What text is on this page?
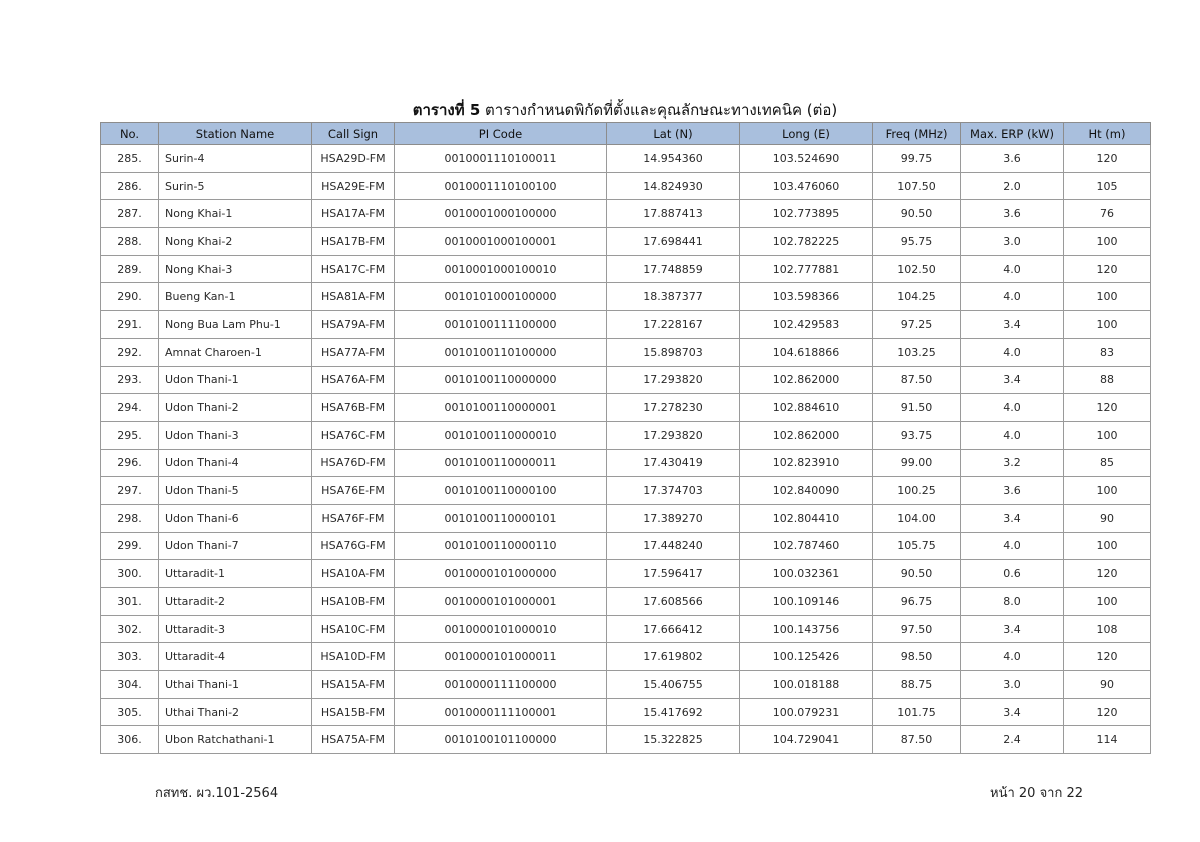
ตารางที่ 5 ตารางกำหนดพิกัดที่ตั้งและคุณลักษณะทางเทคนิค (ต่อ)
No.	Station Name	Call Sign	PI Code	Lat (N)	Long (E)	Freq (MHz)	Max. ERP (kW)	Ht (m)
285.	Surin-4	HSA29D-FM	0010001110100011	14.954360	103.524690	99.75	3.6	120
286.	Surin-5	HSA29E-FM	0010001110100100	14.824930	103.476060	107.50	2.0	105
287.	Nong Khai-1	HSA17A-FM	0010001000100000	17.887413	102.773895	90.50	3.6	76
288.	Nong Khai-2	HSA17B-FM	0010001000100001	17.698441	102.782225	95.75	3.0	100
289.	Nong Khai-3	HSA17C-FM	0010001000100010	17.748859	102.777881	102.50	4.0	120
290.	Bueng Kan-1	HSA81A-FM	0010101000100000	18.387377	103.598366	104.25	4.0	100
291.	Nong Bua Lam Phu-1	HSA79A-FM	0010100111100000	17.228167	102.429583	97.25	3.4	100
292.	Amnat Charoen-1	HSA77A-FM	0010100110100000	15.898703	104.618866	103.25	4.0	83
293.	Udon Thani-1	HSA76A-FM	0010100110000000	17.293820	102.862000	87.50	3.4	88
294.	Udon Thani-2	HSA76B-FM	0010100110000001	17.278230	102.884610	91.50	4.0	120
295.	Udon Thani-3	HSA76C-FM	0010100110000010	17.293820	102.862000	93.75	4.0	100
296.	Udon Thani-4	HSA76D-FM	0010100110000011	17.430419	102.823910	99.00	3.2	85
297.	Udon Thani-5	HSA76E-FM	0010100110000100	17.374703	102.840090	100.25	3.6	100
298.	Udon Thani-6	HSA76F-FM	0010100110000101	17.389270	102.804410	104.00	3.4	90
299.	Udon Thani-7	HSA76G-FM	0010100110000110	17.448240	102.787460	105.75	4.0	100
300.	Uttaradit-1	HSA10A-FM	0010000101000000	17.596417	100.032361	90.50	0.6	120
301.	Uttaradit-2	HSA10B-FM	0010000101000001	17.608566	100.109146	96.75	8.0	100
302.	Uttaradit-3	HSA10C-FM	0010000101000010	17.666412	100.143756	97.50	3.4	108
303.	Uttaradit-4	HSA10D-FM	0010000101000011	17.619802	100.125426	98.50	4.0	120
304.	Uthai Thani-1	HSA15A-FM	0010000111100000	15.406755	100.018188	88.75	3.0	90
305.	Uthai Thani-2	HSA15B-FM	0010000111100001	15.417692	100.079231	101.75	3.4	120
306.	Ubon Ratchathani-1	HSA75A-FM	0010100101100000	15.322825	104.729041	87.50	2.4	114
กสทช. ผว.101-2564	หน้า 20 จาก 22
